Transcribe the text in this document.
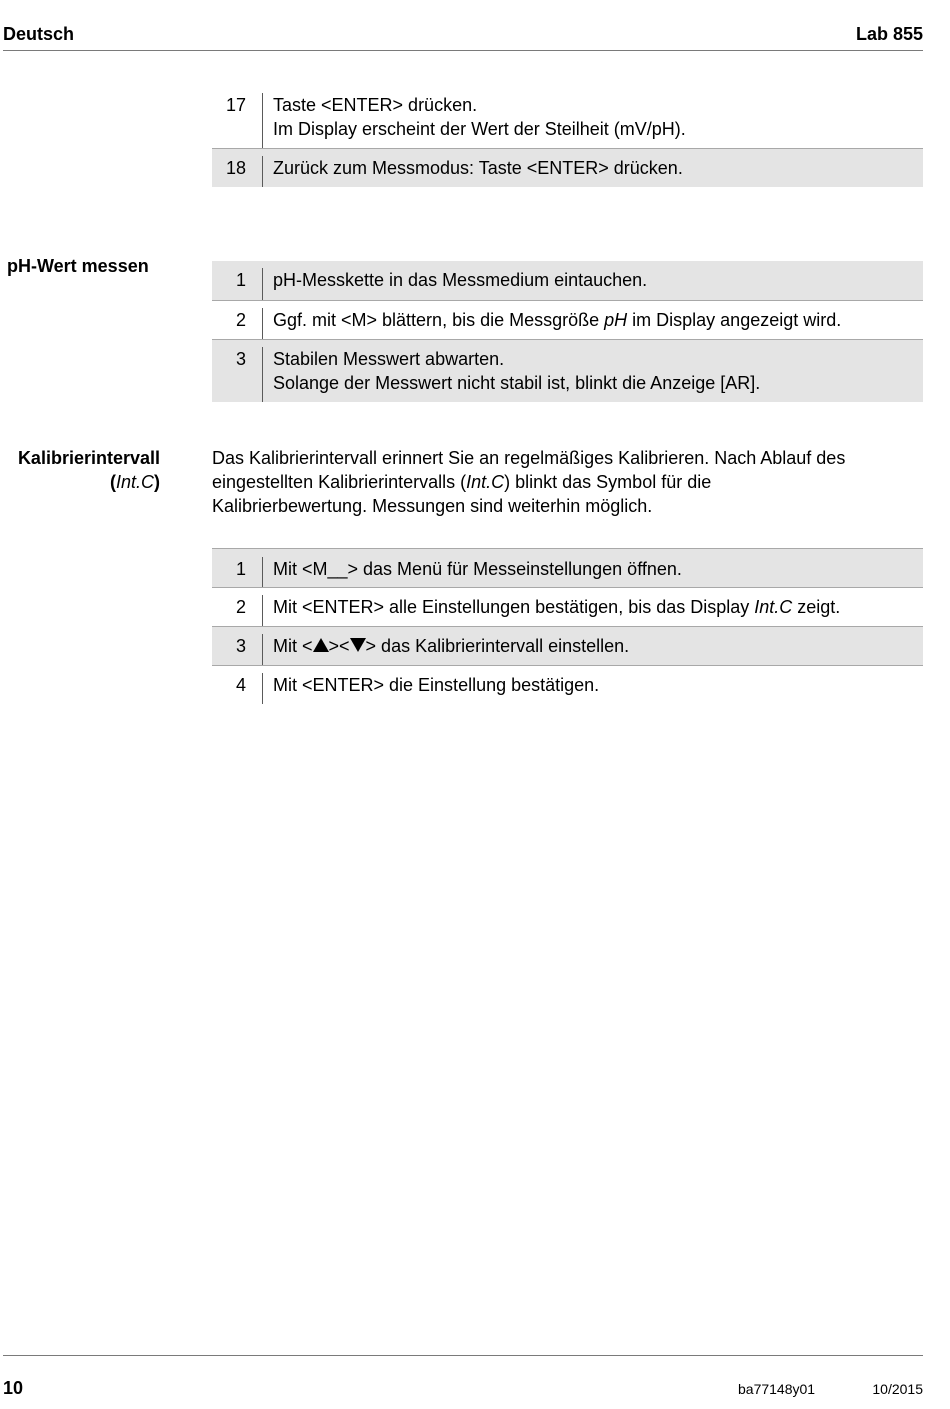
Deutsch	Lab 855
17	Taste <ENTER> drücken.
Im Display erscheint der Wert der Steilheit (mV/pH).
18	Zurück zum Messmodus: Taste <ENTER> drücken.
pH-Wert messen
1	pH-Messkette in das Messmedium eintauchen.
2	Ggf. mit <M> blättern, bis die Messgröße pH im Display angezeigt wird.
3	Stabilen Messwert abwarten.
Solange der Messwert nicht stabil ist, blinkt die Anzeige [AR].
Kalibrierintervall
(Int.C)
Das Kalibrierintervall erinnert Sie an regelmäßiges Kalibrieren. Nach Ablauf des
eingestellten Kalibrierintervalls (Int.C) blinkt das Symbol für die
Kalibrierbewertung. Messungen sind weiterhin möglich.
1	Mit <M__> das Menü für Messeinstellungen öffnen.
2	Mit <ENTER> alle Einstellungen bestätigen, bis das Display Int.C zeigt.
3	Mit < >< > das Kalibrierintervall einstellen.
4	Mit <ENTER> die Einstellung bestätigen.
10	ba77148y01	10/2015
